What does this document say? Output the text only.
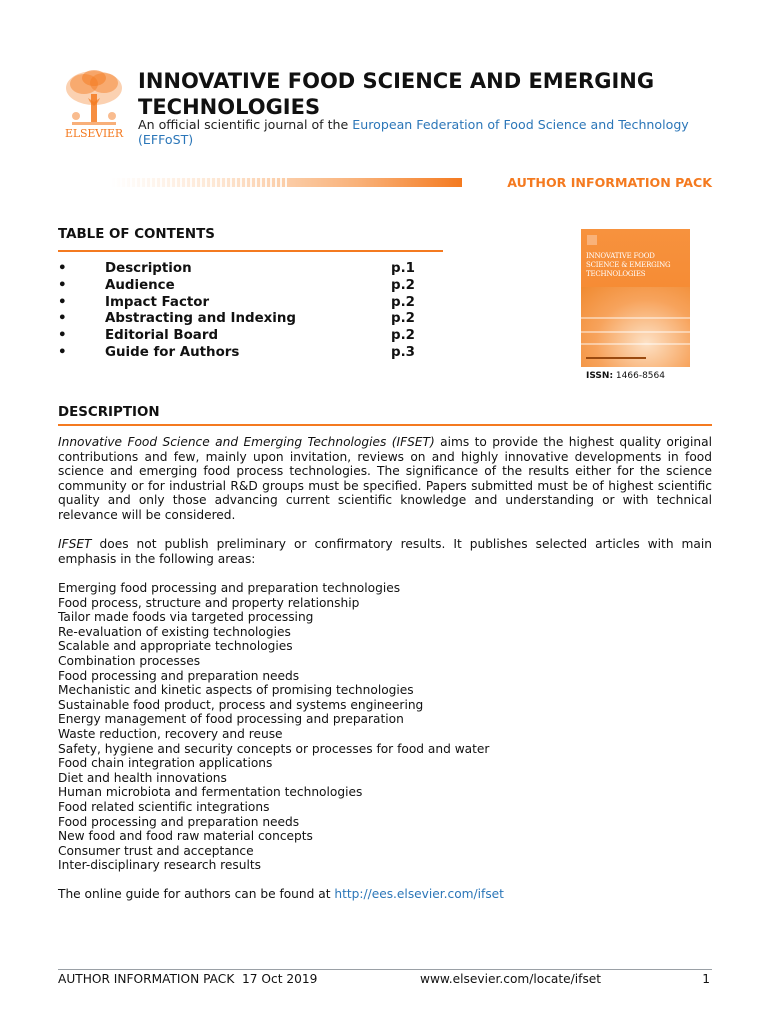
ELSEVIER
INNOVATIVE FOOD SCIENCE AND EMERGING TECHNOLOGIES

An official scientific journal of the European Federation of Food Science and Technology (EFFoST)

AUTHOR INFORMATION PACK
TABLE OF CONTENTS
•	Description	p.1
•	Audience	p.2
•	Impact Factor	p.2
•	Abstracting and Indexing	p.2
•	Editorial Board	p.2
•	Guide for Authors	p.3
INNOVATIVE FOOD SCIENCE & EMERGING TECHNOLOGIES
ISSN: 1466-8564
DESCRIPTION

Innovative Food Science and Emerging Technologies (IFSET) aims to provide the highest quality original contributions and few, mainly upon invitation, reviews on and highly innovative developments in food science and emerging food process technologies. The significance of the results either for the science community or for industrial R&D groups must be specified. Papers submitted must be of highest scientific quality and only those advancing current scientific knowledge and understanding or with technical relevance will be considered.

IFSET does not publish preliminary or confirmatory results. It publishes selected articles with main emphasis in the following areas:

Emerging food processing and preparation technologies
Food process, structure and property relationship
Tailor made foods via targeted processing
Re-evaluation of existing technologies
Scalable and appropriate technologies
Combination processes
Food processing and preparation needs
Mechanistic and kinetic aspects of promising technologies
Sustainable food product, process and systems engineering
Energy management of food processing and preparation
Waste reduction, recovery and reuse
Safety, hygiene and security concepts or processes for food and water
Food chain integration applications
Diet and health innovations
Human microbiota and fermentation technologies
Food related scientific integrations
Food processing and preparation needs
New food and food raw material concepts
Consumer trust and acceptance
Inter-disciplinary research results

The online guide for authors can be found at http://ees.elsevier.com/ifset

AUTHOR INFORMATION PACK  17 Oct 2019	www.elsevier.com/locate/ifset	1
